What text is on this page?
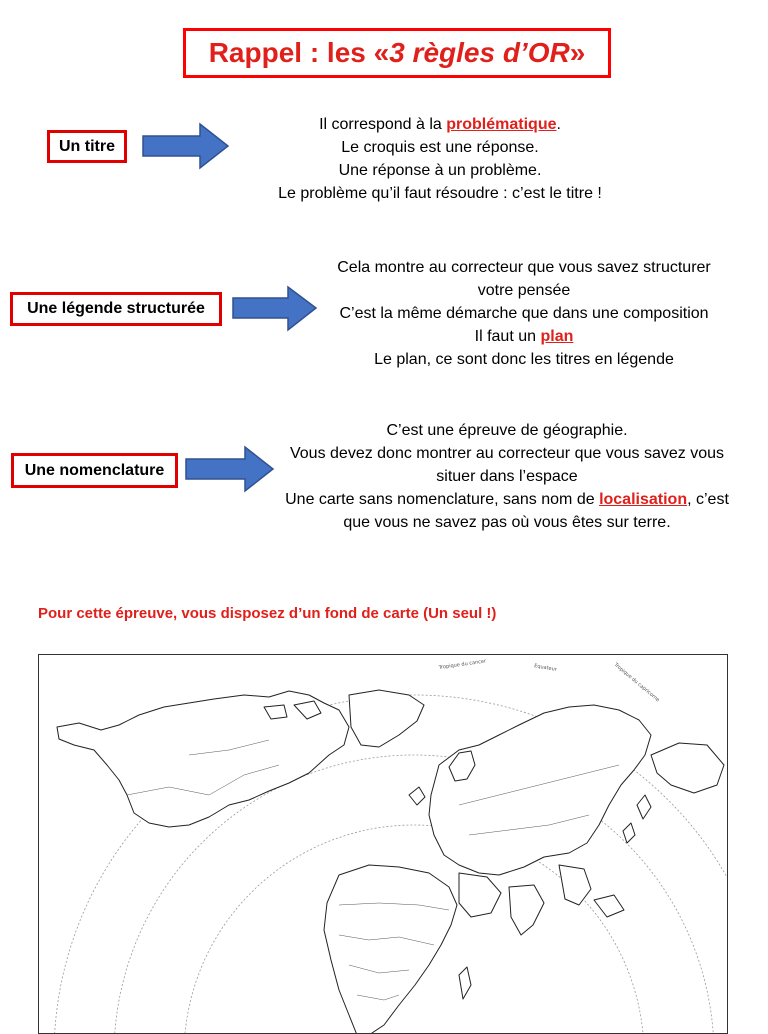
Rappel : les « 3 règles d’OR »
Un titre
Il correspond à la problématique.
Le croquis est une réponse.
Une réponse à un problème.
Le problème qu’il faut résoudre : c’est le titre !
Une légende structurée
Cela montre au correcteur que vous savez structurer
votre pensée
C’est la même démarche que dans une composition
Il faut un plan
Le plan, ce sont donc les titres en légende
Une nomenclature
C’est une épreuve de géographie.
Vous devez donc montrer au correcteur que vous savez vous
situer dans l’espace
Une carte sans nomenclature, sans nom de localisation, c’est
que vous ne savez pas où vous êtes sur terre.
Pour cette épreuve, vous disposez d’un fond de carte (Un seul !)
Tropique du cancer	Equateur	Tropique du capricorne
